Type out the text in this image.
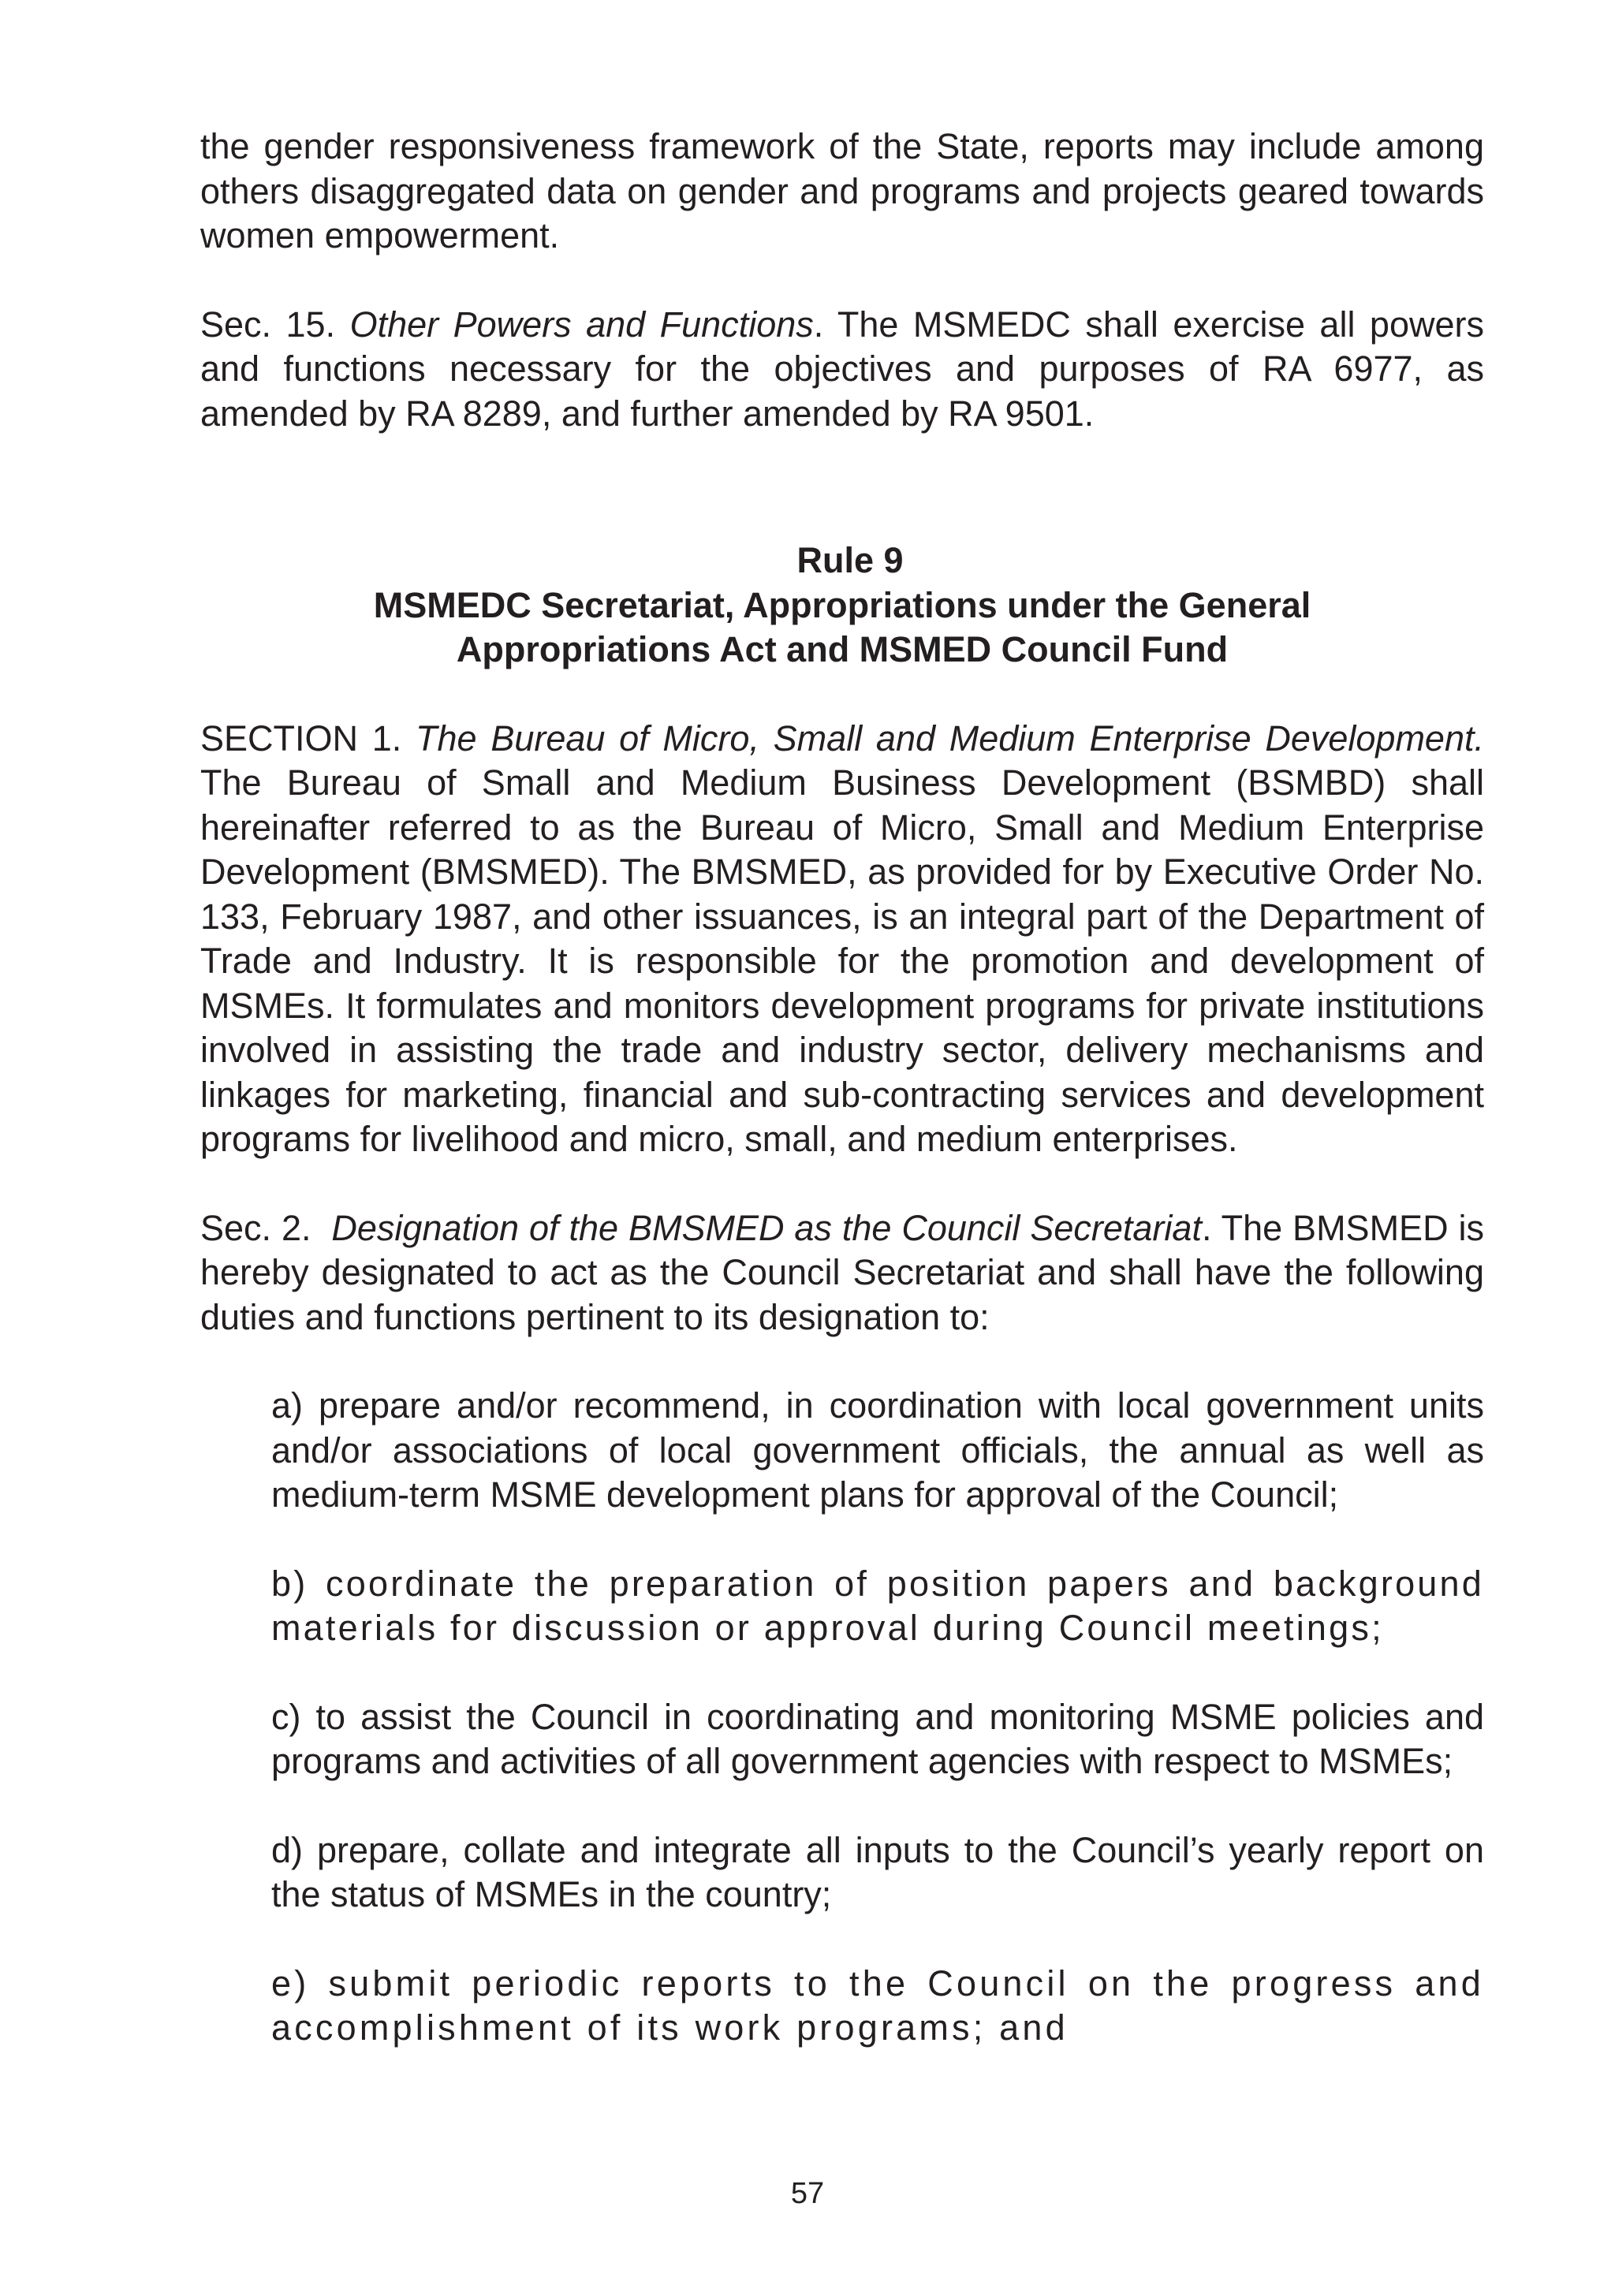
the gender responsiveness framework of the State, reports may include among others disaggregated data on gender and programs and projects geared towards women empowerment.

Sec. 15. Other Powers and Functions. The MSMEDC shall exercise all powers and functions necessary for the objectives and purposes of RA 6977, as amended by RA 8289, and further amended by RA 9501.

Rule 9
MSMEDC Secretariat, Appropriations under the General
Appropriations Act and MSMED Council Fund

SECTION 1. The Bureau of Micro, Small and Medium Enterprise Development. The Bureau of Small and Medium Business Development (BSMBD) shall hereinafter referred to as the Bureau of Micro, Small and Medium Enterprise Development (BMSMED). The BMSMED, as provided for by Executive Order No. 133, February 1987, and other issuances, is an integral part of the Department of Trade and Industry. It is responsible for the promotion and development of MSMEs. It formulates and monitors development programs for private institutions involved in assisting the trade and industry sector, delivery mechanisms and linkages for marketing, financial and sub-contracting services and development programs for livelihood and micro, small, and medium enterprises.

Sec. 2. Designation of the BMSMED as the Council Secretariat. The BMSMED is hereby designated to act as the Council Secretariat and shall have the following duties and functions pertinent to its designation to:

a) prepare and/or recommend, in coordination with local government units and/or associations of local government officials, the annual as well as medium-term MSME development plans for approval of the Council;

b) coordinate the preparation of position papers and background materials for discussion or approval during Council meetings;

c) to assist the Council in coordinating and monitoring MSME policies and programs and activities of all government agencies with respect to MSMEs;

d) prepare, collate and integrate all inputs to the Council’s yearly report on the status of MSMEs in the country;

e) submit periodic reports to the Council on the progress and accomplishment of its work programs; and

57
